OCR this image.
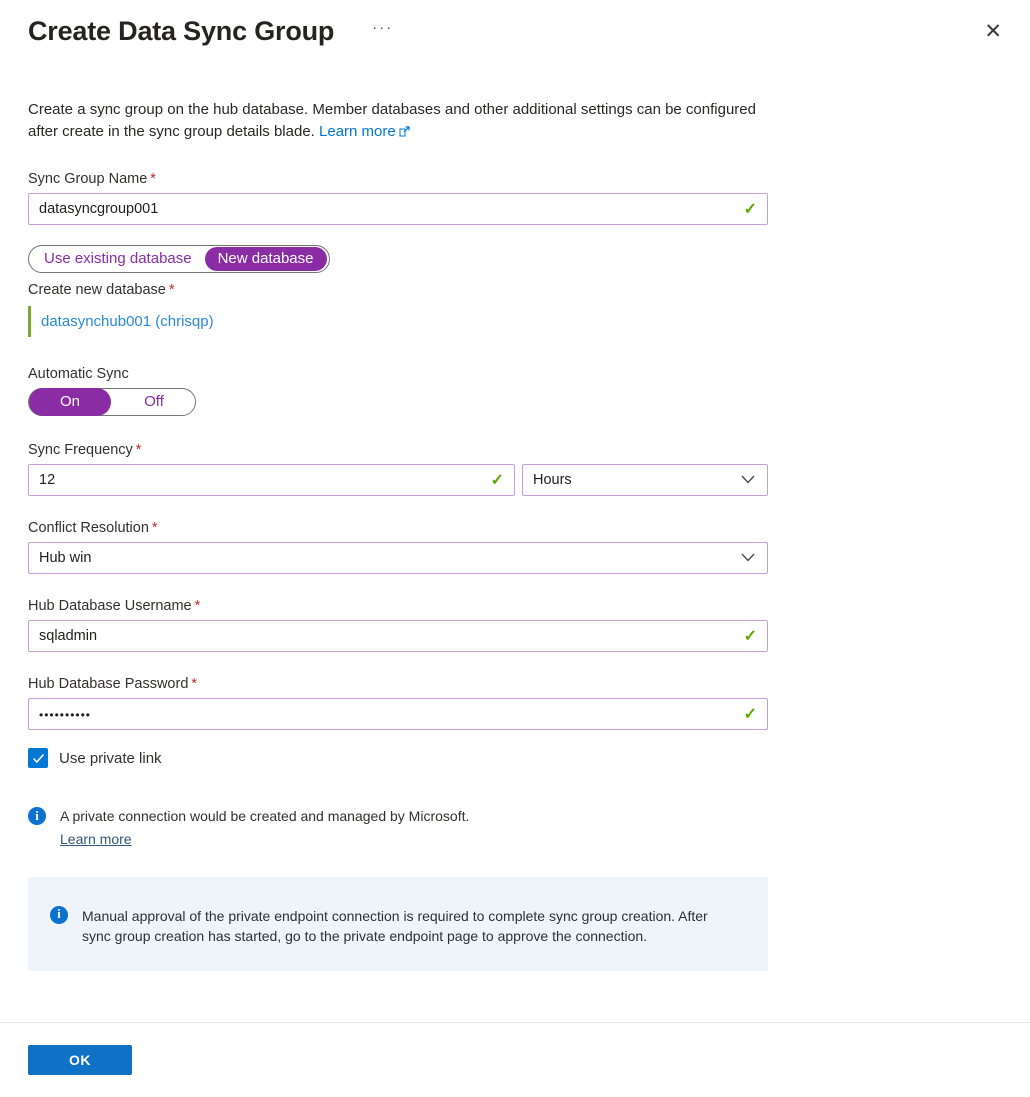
Create Data Sync Group	···	✕
Create a sync group on the hub database. Member databases and other additional settings can be configured after create in the sync group details blade. Learn more
Sync Group Name *
datasyncgroup001
✓
Use existing database	New database
Create new database *
datasynchub001 (chrisqp)
Automatic Sync
On	Off
Sync Frequency *
12
✓ Hours
Conflict Resolution *
Hub win
Hub Database Username *
sqladmin
✓
Hub Database Password *
••••••••••
✓
Use private link
i	A private connection would be created and managed by Microsoft.
Learn more
i	Manual approval of the private endpoint connection is required to complete sync group creation. After sync group creation has started, go to the private endpoint page to approve the connection.
OK
